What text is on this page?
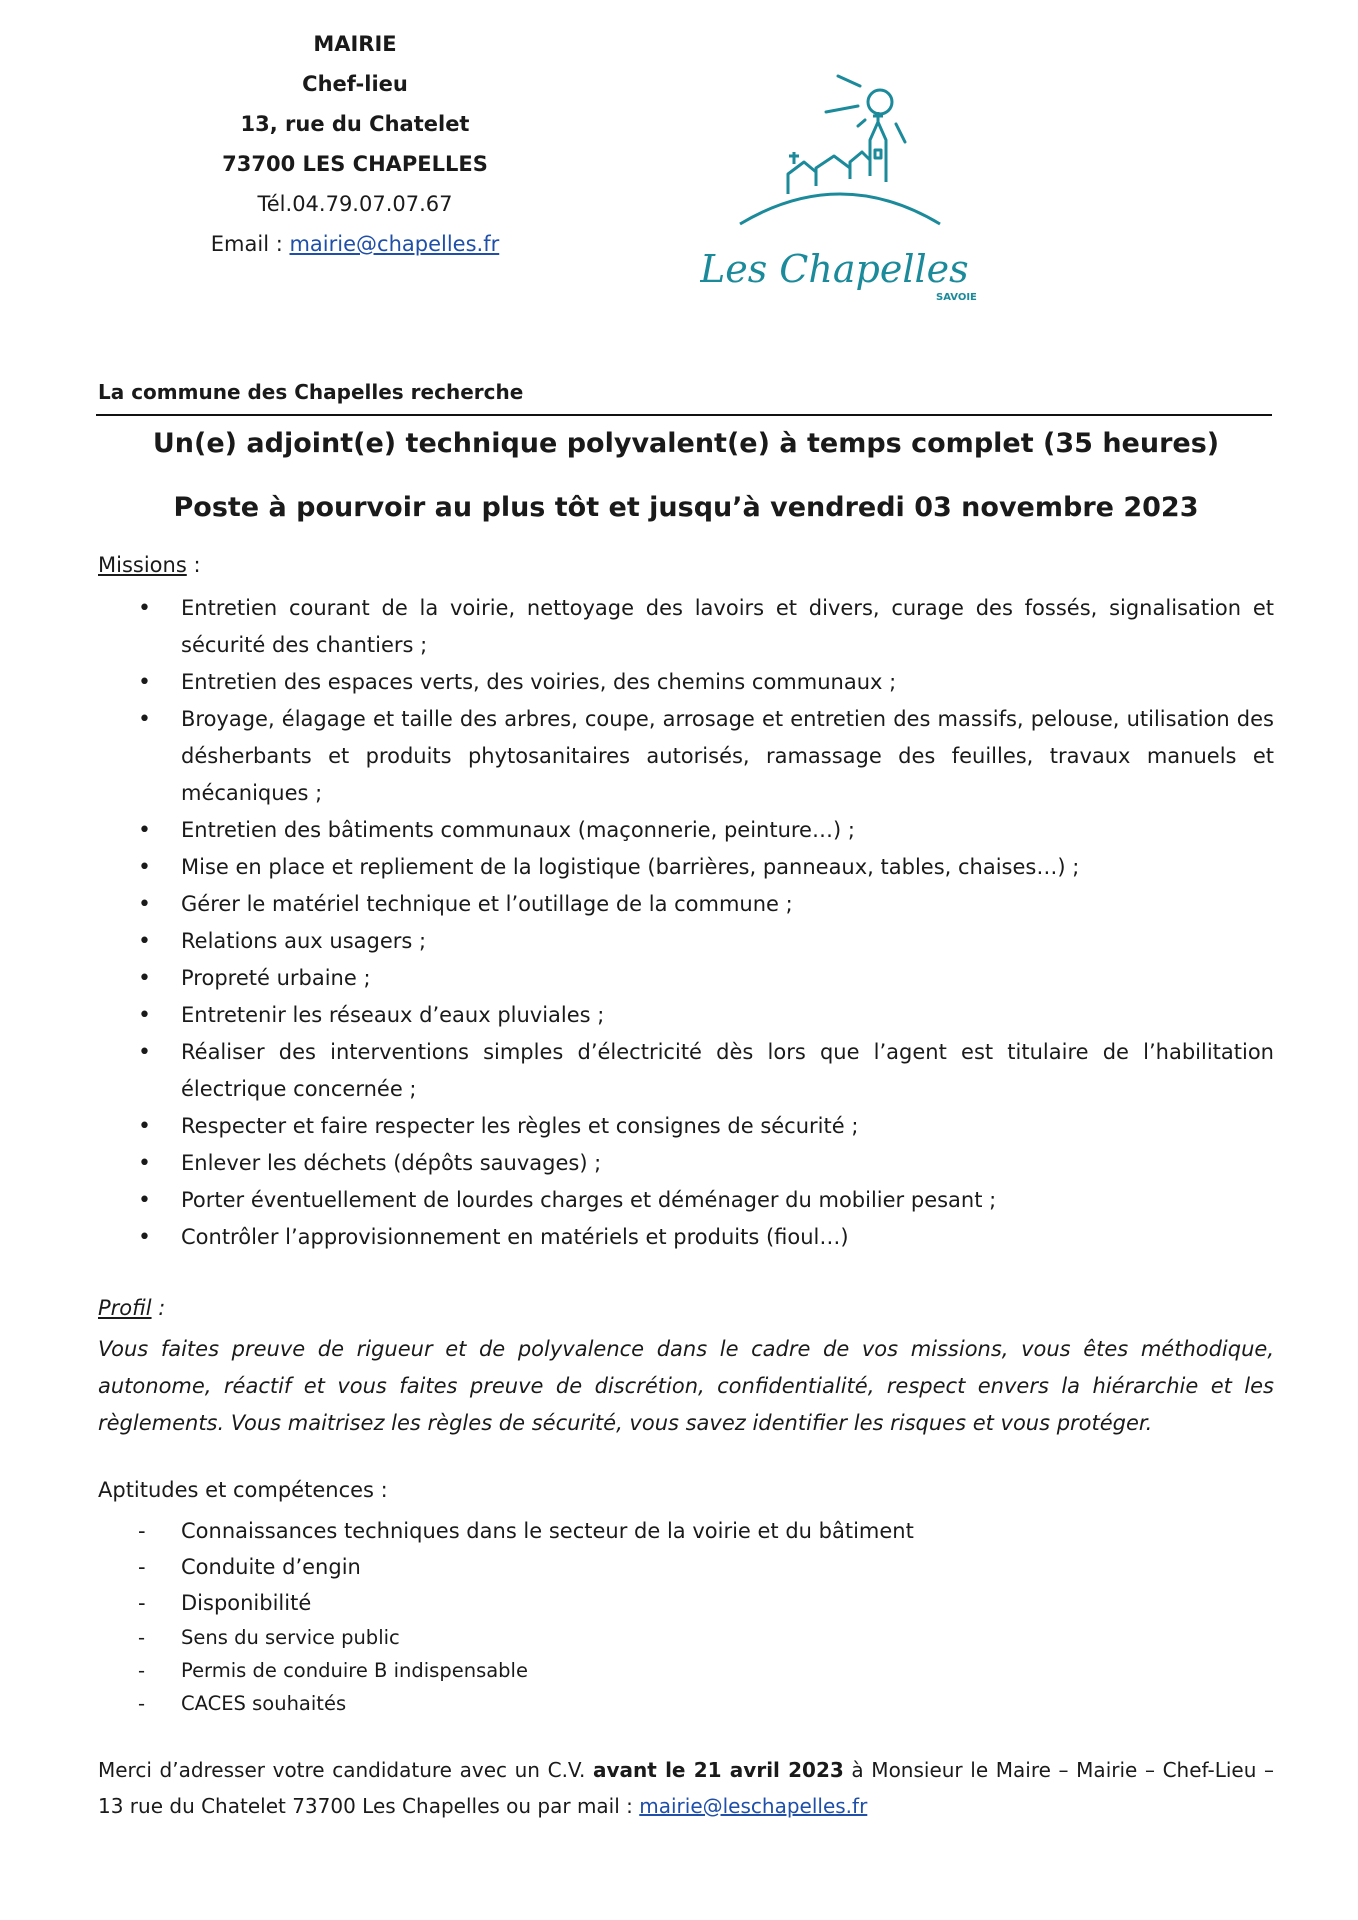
MAIRIE
Chef-lieu
13, rue du Chatelet
73700 LES CHAPELLES
Tél.04.79.07.07.67
Email : mairie@chapelles.fr
Les Chapelles
SAVOIE
La commune des Chapelles recherche
Un(e) adjoint(e) technique polyvalent(e) à temps complet (35 heures)
Poste à pourvoir au plus tôt et jusqu’à vendredi 03 novembre 2023
Missions :
• Entretien courant de la voirie, nettoyage des lavoirs et divers, curage des fossés, signalisation et sécurité des chantiers ;
• Entretien des espaces verts, des voiries, des chemins communaux ;
• Broyage, élagage et taille des arbres, coupe, arrosage et entretien des massifs, pelouse, utilisation des désherbants et produits phytosanitaires autorisés, ramassage des feuilles, travaux manuels et mécaniques ;
• Entretien des bâtiments communaux (maçonnerie, peinture…) ;
• Mise en place et repliement de la logistique (barrières, panneaux, tables, chaises…) ;
• Gérer le matériel technique et l’outillage de la commune ;
• Relations aux usagers ;
• Propreté urbaine ;
• Entretenir les réseaux d’eaux pluviales ;
• Réaliser des interventions simples d’électricité dès lors que l’agent est titulaire de l’habilitation électrique concernée ;
• Respecter et faire respecter les règles et consignes de sécurité ;
• Enlever les déchets (dépôts sauvages) ;
• Porter éventuellement de lourdes charges et déménager du mobilier pesant ;
• Contrôler l’approvisionnement en matériels et produits (fioul…)
Profil :
Vous faites preuve de rigueur et de polyvalence dans le cadre de vos missions, vous êtes méthodique, autonome, réactif et vous faites preuve de discrétion, confidentialité, respect envers la hiérarchie et les règlements. Vous maitrisez les règles de sécurité, vous savez identifier les risques et vous protéger.
Aptitudes et compétences :
- Connaissances techniques dans le secteur de la voirie et du bâtiment
- Conduite d’engin
- Disponibilité
- Sens du service public
- Permis de conduire B indispensable
- CACES souhaités
Merci d’adresser votre candidature avec un C.V. avant le 21 avril 2023 à Monsieur le Maire – Mairie – Chef-Lieu – 13 rue du Chatelet 73700 Les Chapelles ou par mail : mairie@leschapelles.fr
